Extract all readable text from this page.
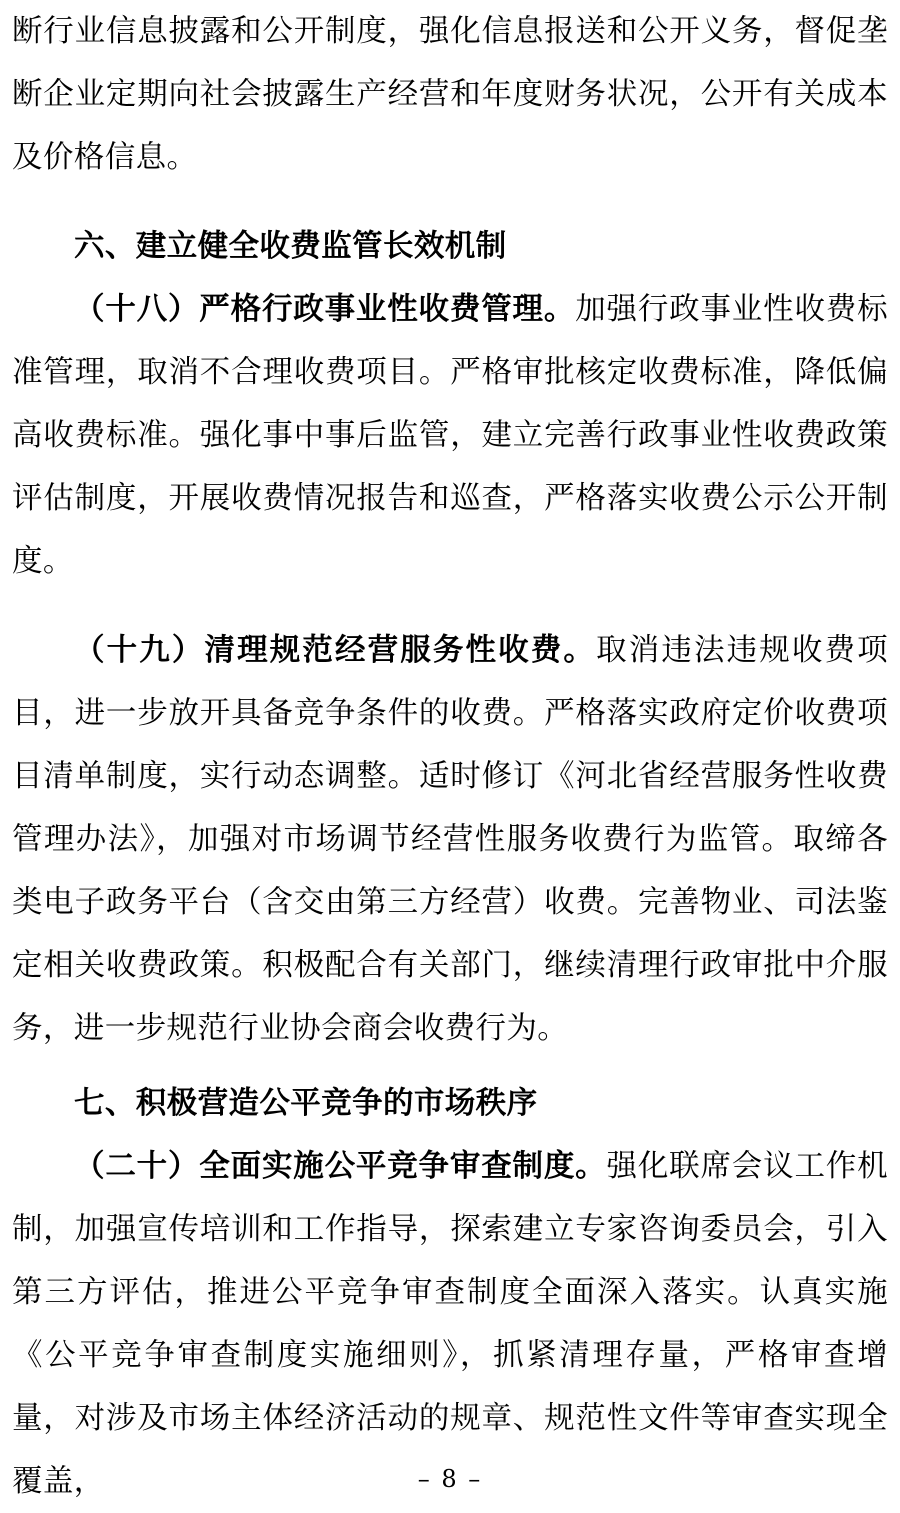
断行业信息披露和公开制度，强化信息报送和公开义务，督促垄断企业定期向社会披露生产经营和年度财务状况，公开有关成本及价格信息。

六、建立健全收费监管长效机制

（十八）严格行政事业性收费管理。加强行政事业性收费标准管理，取消不合理收费项目。严格审批核定收费标准，降低偏高收费标准。强化事中事后监管，建立完善行政事业性收费政策评估制度，开展收费情况报告和巡查，严格落实收费公示公开制度。

（十九）清理规范经营服务性收费。取消违法违规收费项目，进一步放开具备竞争条件的收费。严格落实政府定价收费项目清单制度，实行动态调整。适时修订《河北省经营服务性收费管理办法》，加强对市场调节经营性服务收费行为监管。取缔各类电子政务平台（含交由第三方经营）收费。完善物业、司法鉴定相关收费政策。积极配合有关部门，继续清理行政审批中介服务，进一步规范行业协会商会收费行为。

七、积极营造公平竞争的市场秩序

（二十）全面实施公平竞争审查制度。强化联席会议工作机制，加强宣传培训和工作指导，探索建立专家咨询委员会，引入第三方评估，推进公平竞争审查制度全面深入落实。认真实施《公平竞争审查制度实施细则》，抓紧清理存量，严格审查增量，对涉及市场主体经济活动的规章、规范性文件等审查实现全覆盖，	– 8 –
